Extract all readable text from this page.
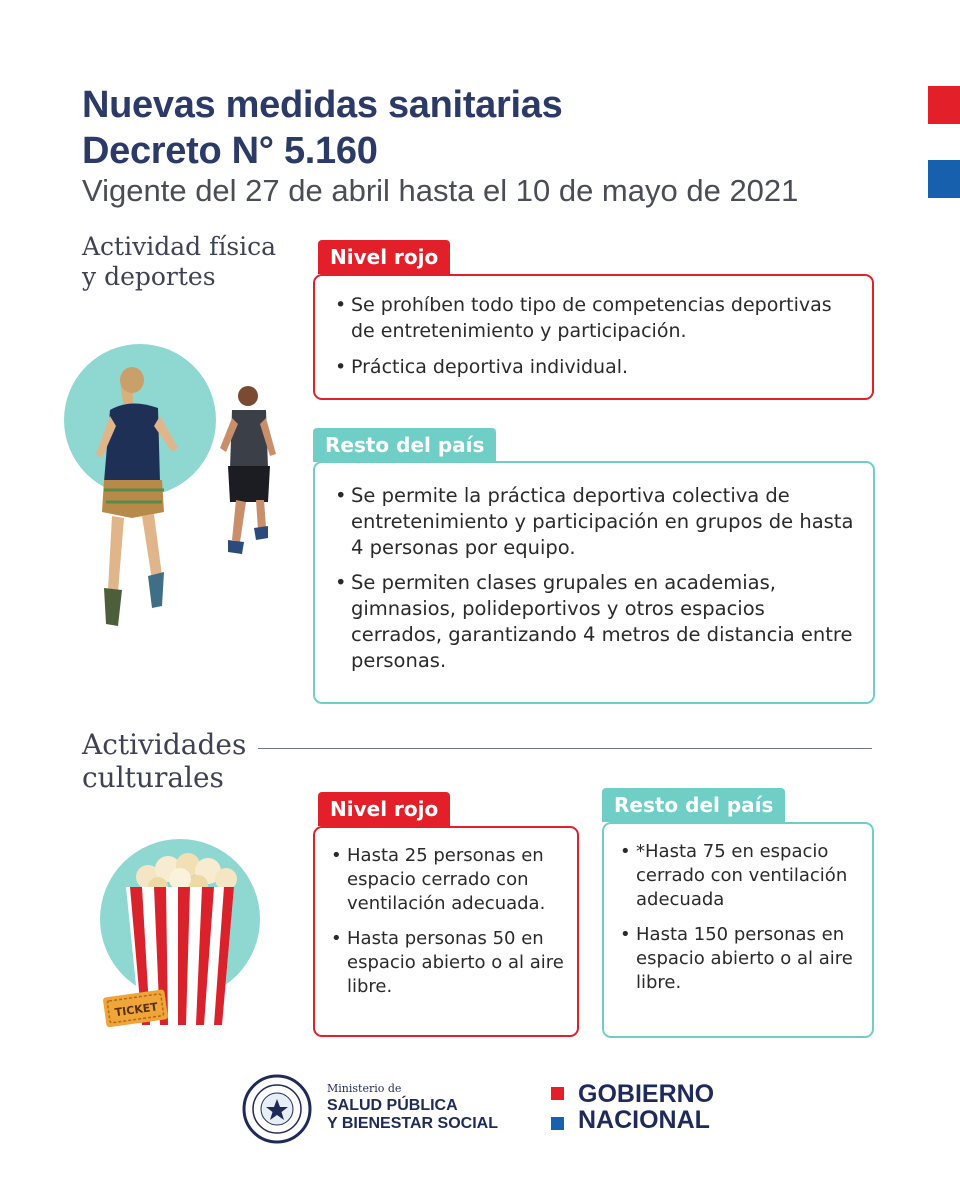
Nuevas medidas sanitarias
Decreto N° 5.160
Vigente del 27 de abril hasta el 10 de mayo de 2021
Actividad física
y deportes
Nivel rojo
• Se prohíben todo tipo de competencias deportivas de entretenimiento y participación.
• Práctica deportiva individual.
Resto del país
• Se permite la práctica deportiva colectiva de entretenimiento y participación en grupos de hasta 4 personas por equipo.
• Se permiten clases grupales en academias, gimnasios, polideportivos y otros espacios cerrados, garantizando 4 metros de distancia entre personas.
Actividades
culturales
TICKET
Nivel rojo
• Hasta 25 personas en espacio cerrado con ventilación adecuada.
• Hasta personas 50 en espacio abierto o al aire libre.
Resto del país
• *Hasta 75 en espacio cerrado con ventilación adecuada
• Hasta 150 personas en espacio abierto o al aire libre.
Ministerio de
SALUD PÚBLICA
Y BIENESTAR SOCIAL
GOBIERNO
NACIONAL
